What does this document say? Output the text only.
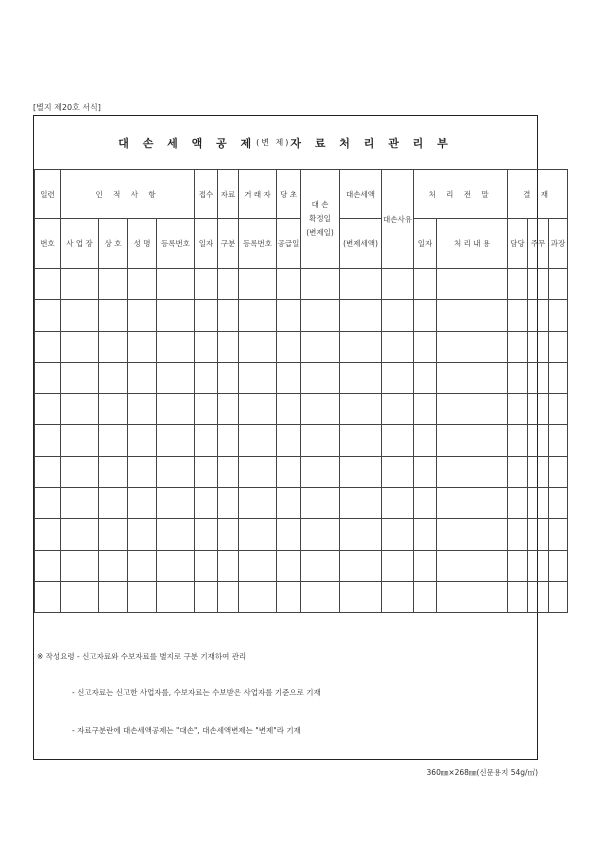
[별지 제20호 서식]
대 손 세 액 공 제 (변 제) 자 료 처 리 관 리 부
일련	인 적 사 항				접수	자료	거 래 자	당 초	대 손
확정일
(변제일)	대손세액	대손사유	처 리 전 말		결 재		
번호	사 업 장	상 호	성 명	등록번호	일자	구분	등록번호	공급일		(변제세액)		일자	처 리 내 용	담당	주무	과장

※ 작성요령 - 신고자료와 수보자료를 별지로 구분 기재하여 관리
- 신고자료는 신고한 사업자를, 수보자료는 수보받은 사업자를 기준으로 기재
- 자료구분란에 대손세액공제는 "대손", 대손세액변제는 "변제"라 기재
360㎜×268㎜(신문용지 54g/㎡)
